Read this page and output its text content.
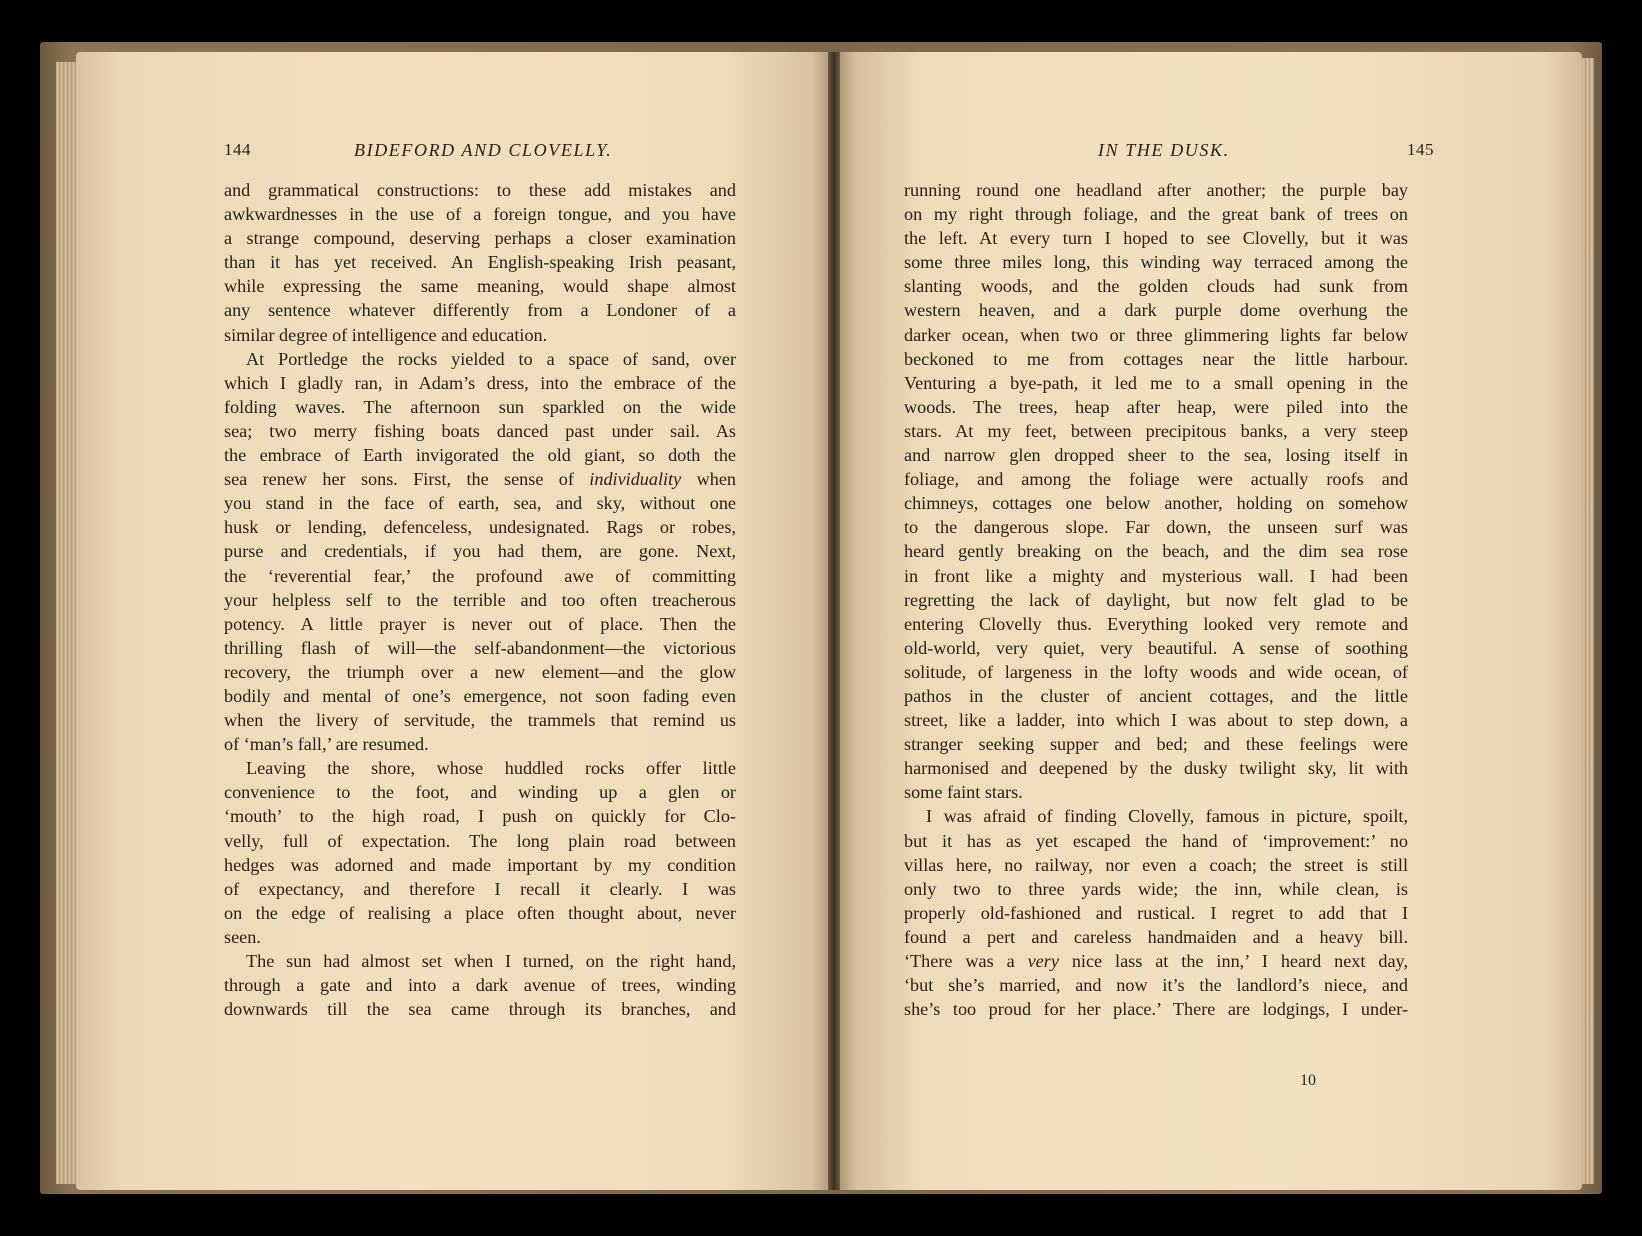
144	BIDEFORD AND CLOVELLY.
and grammatical constructions: to these add mistakes and
awkwardnesses in the use of a foreign tongue, and you have
a strange compound, deserving perhaps a closer examination
than it has yet received. An English-speaking Irish peasant,
while expressing the same meaning, would shape almost
any sentence whatever differently from a Londoner of a
similar degree of intelligence and education.
At Portledge the rocks yielded to a space of sand, over
which I gladly ran, in Adam’s dress, into the embrace of the
folding waves. The afternoon sun sparkled on the wide
sea; two merry fishing boats danced past under sail. As
the embrace of Earth invigorated the old giant, so doth the
sea renew her sons. First, the sense of individuality when
you stand in the face of earth, sea, and sky, without one
husk or lending, defenceless, undesignated. Rags or robes,
purse and credentials, if you had them, are gone. Next,
the ‘reverential fear,’ the profound awe of committing
your helpless self to the terrible and too often treacherous
potency. A little prayer is never out of place. Then the
thrilling flash of will—the self-abandonment—the victorious
recovery, the triumph over a new element—and the glow
bodily and mental of one’s emergence, not soon fading even
when the livery of servitude, the trammels that remind us
of ‘man’s fall,’ are resumed.
Leaving the shore, whose huddled rocks offer little
convenience to the foot, and winding up a glen or
‘mouth’ to the high road, I push on quickly for Clo-
velly, full of expectation. The long plain road between
hedges was adorned and made important by my condition
of expectancy, and therefore I recall it clearly. I was
on the edge of realising a place often thought about, never
seen.
The sun had almost set when I turned, on the right hand,
through a gate and into a dark avenue of trees, winding
downwards till the sea came through its branches, and
IN THE DUSK.	145
running round one headland after another; the purple bay
on my right through foliage, and the great bank of trees on
the left. At every turn I hoped to see Clovelly, but it was
some three miles long, this winding way terraced among the
slanting woods, and the golden clouds had sunk from
western heaven, and a dark purple dome overhung the
darker ocean, when two or three glimmering lights far below
beckoned to me from cottages near the little harbour.
Venturing a bye-path, it led me to a small opening in the
woods. The trees, heap after heap, were piled into the
stars. At my feet, between precipitous banks, a very steep
and narrow glen dropped sheer to the sea, losing itself in
foliage, and among the foliage were actually roofs and
chimneys, cottages one below another, holding on somehow
to the dangerous slope. Far down, the unseen surf was
heard gently breaking on the beach, and the dim sea rose
in front like a mighty and mysterious wall. I had been
regretting the lack of daylight, but now felt glad to be
entering Clovelly thus. Everything looked very remote and
old-world, very quiet, very beautiful. A sense of soothing
solitude, of largeness in the lofty woods and wide ocean, of
pathos in the cluster of ancient cottages, and the little
street, like a ladder, into which I was about to step down, a
stranger seeking supper and bed; and these feelings were
harmonised and deepened by the dusky twilight sky, lit with
some faint stars.
I was afraid of finding Clovelly, famous in picture, spoilt,
but it has as yet escaped the hand of ‘improvement:’ no
villas here, no railway, nor even a coach; the street is still
only two to three yards wide; the inn, while clean, is
properly old-fashioned and rustical. I regret to add that I
found a pert and careless handmaiden and a heavy bill.
‘There was a very nice lass at the inn,’ I heard next day,
‘but she’s married, and now it’s the landlord’s niece, and
she’s too proud for her place.’ There are lodgings, I under-
10
